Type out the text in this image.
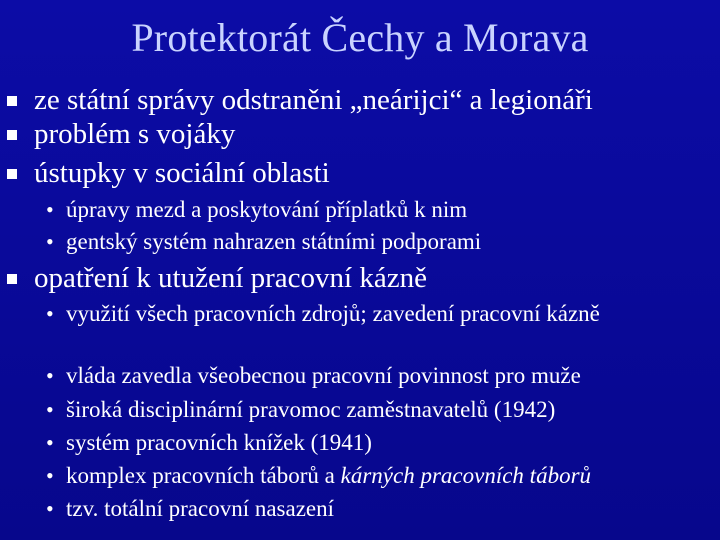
Protektorát Čechy a Morava
ze státní správy odstraněni „neárijci“ a legionáři
problém s vojáky
ústupky v sociální oblasti
• úpravy mezd a poskytování příplatků k nim
• gentský systém nahrazen státními podporami
opatření k utužení pracovní kázně
• využití všech pracovních zdrojů; zavedení pracovní kázně
• vláda zavedla všeobecnou pracovní povinnost pro muže
• široká disciplinární pravomoc zaměstnavatelů (1942)
• systém pracovních knížek (1941)
• komplex pracovních táborů a kárných pracovních táborů
• tzv. totální pracovní nasazení
